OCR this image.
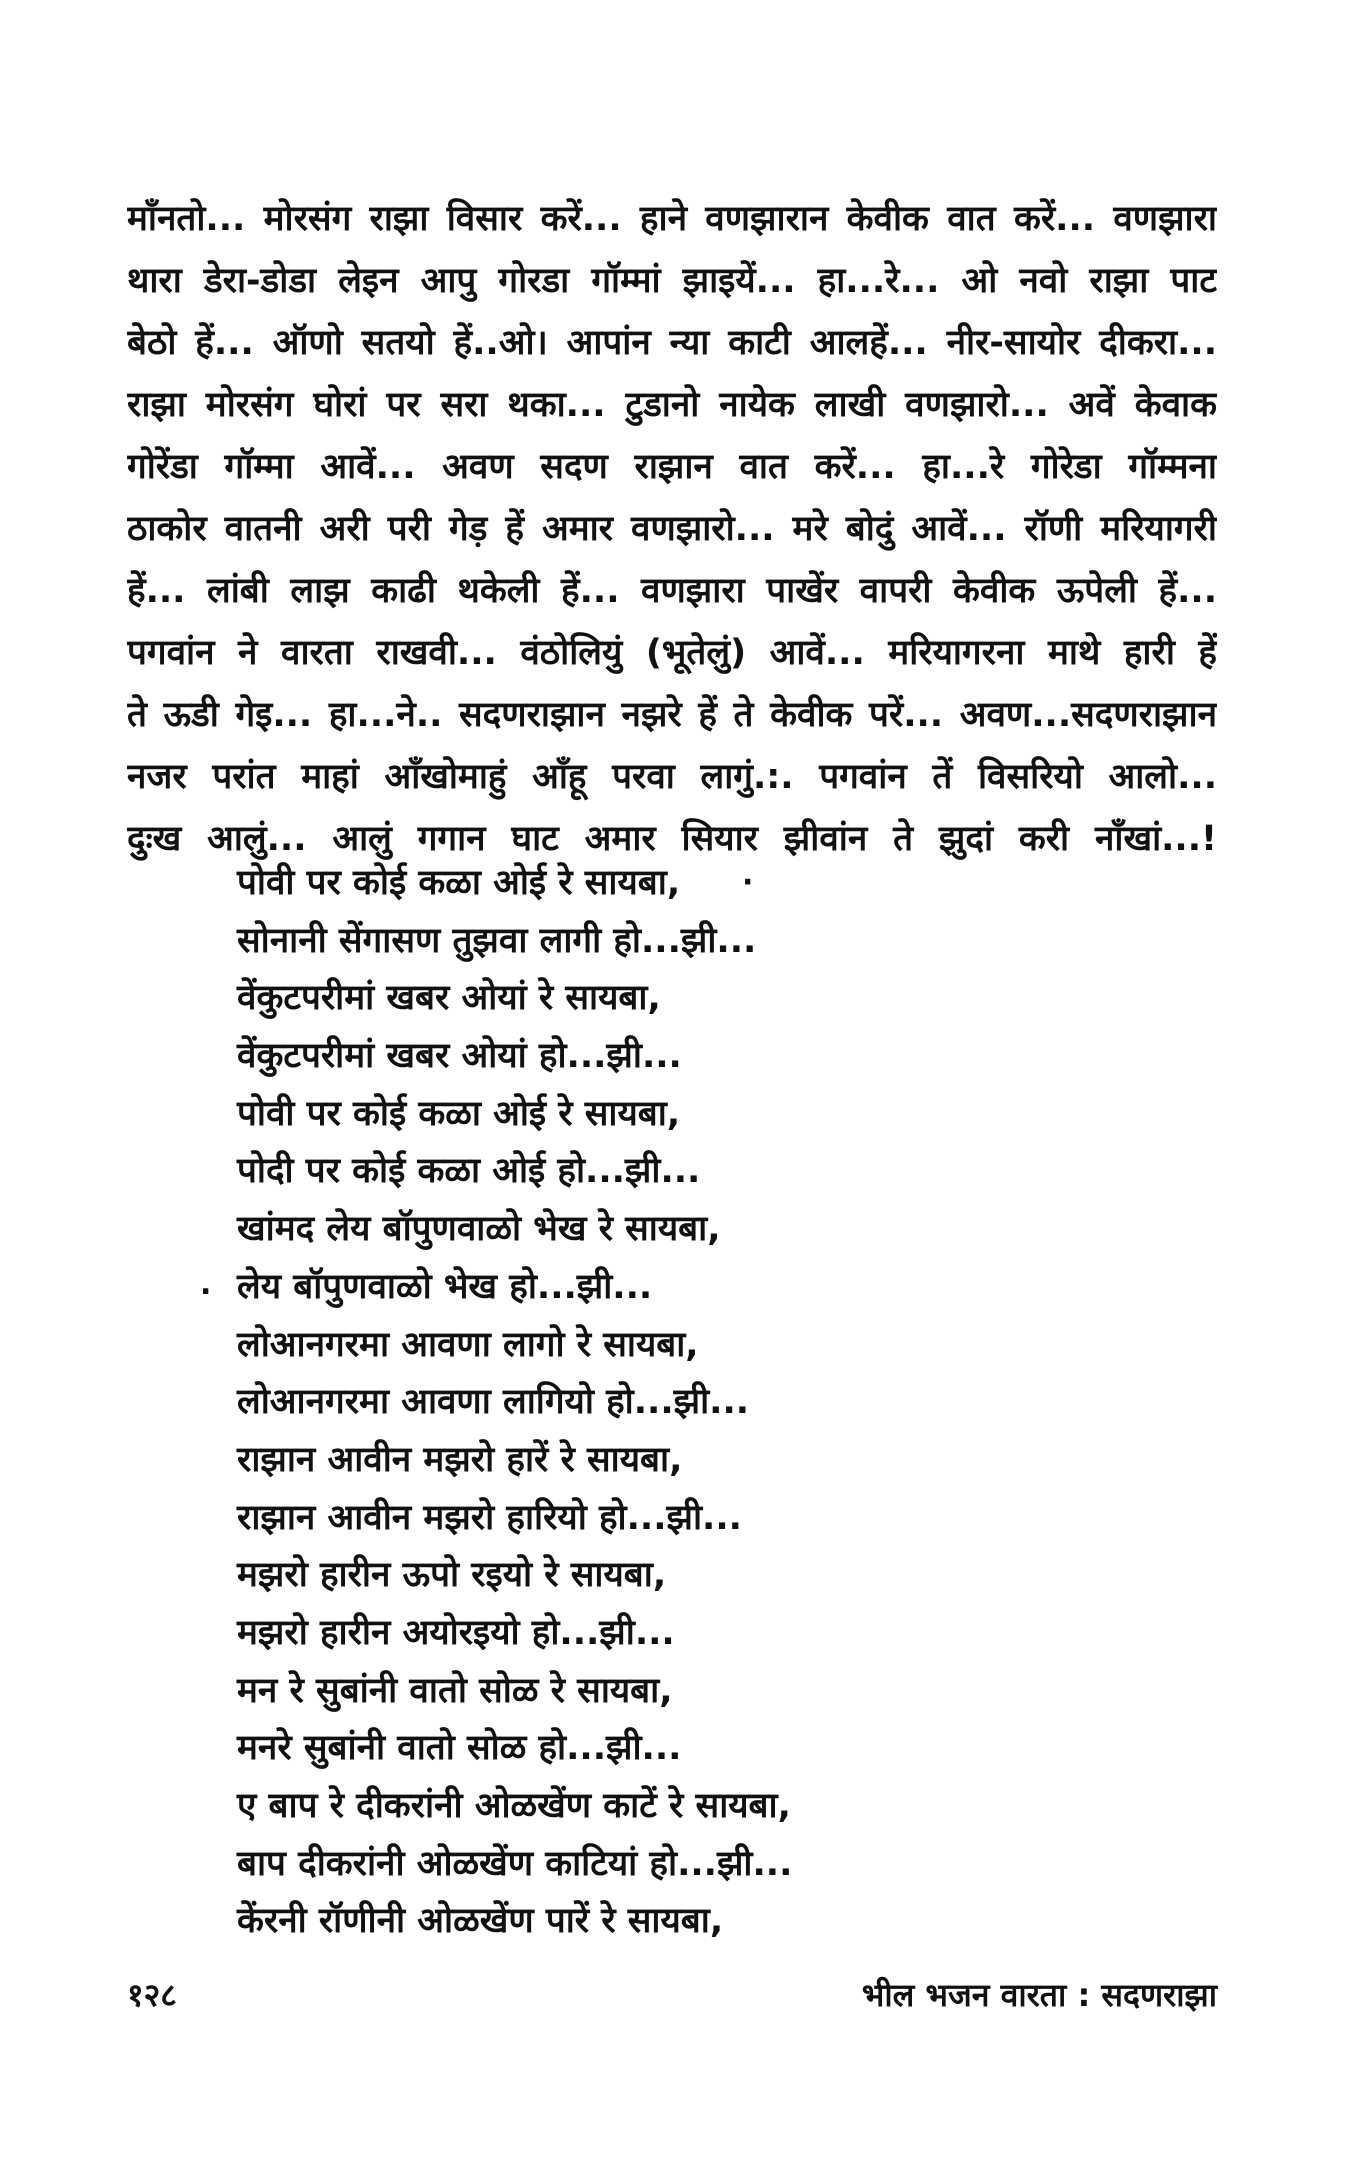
मॉंनतो... मोरसंग राझा विसार करें... हाने वणझारान केवीक वात करें... वणझारा
थारा डेरा-डोडा लेइन आपु गोरडा गॉम्मां झाइयें... हा...रे... ओ नवो राझा पाट
बेठो हें... ऑणो सतयो हें..ओ। आपांन न्या काटी आलहें... नीर-सायोर दीकरा...
राझा मोरसंग घोरां पर सरा थका... टुडानो नायेक लाखी वणझारो... अवें केवाक
गोरेंडा गॉम्मा आवें... अवण सदण राझान वात करें... हा...रे गोरेडा गॉम्मना
ठाकोर वातनी अरी परी गेड़ हें अमार वणझारो... मरे बोदुं आवें... रॉणी मरियागरी
हें... लांबी लाझ काढी थकेली हें... वणझारा पाखेंर वापरी केवीक ऊपेली हें...
पगवांन ने वारता राखवी... वंठोलियुं (भूतेलुं) आवें... मरियागरना माथे हारी हें
ते ऊडी गेइ... हा...ने.. सदणराझान नझरे हें ते केवीक परें... अवण...सदणराझान
नजर परांत माहां आँखोमाहुं आँहू परवा लागुं.:. पगवांन तें विसरियो आलो...
दुःख आलुं... आलुं गगान घाट अमार सियार झीवांन ते झुदां करी नाँखां...!
पोवी पर कोई कळा ओई रे सायबा,
सोनानी सेंगासण तुझवा लागी हो...झी...
वेंकुटपरीमां खबर ओयां रे सायबा,
वेंकुटपरीमां खबर ओयां हो...झी...
पोवी पर कोई कळा ओई रे सायबा,
पोदी पर कोई कळा ओई हो...झी...
खांमद लेय बॉपुणवाळो भेख रे सायबा,
लेय बॉपुणवाळो भेख हो...झी...
लोआनगरमा आवणा लागो रे सायबा,
लोआनगरमा आवणा लागियो हो...झी...
राझान आवीन मझरो हारें रे सायबा,
राझान आवीन मझरो हारियो हो...झी...
मझरो हारीन ऊपो रइयो रे सायबा,
मझरो हारीन अयोरइयो हो...झी...
मन रे सुबांनी वातो सोळ रे सायबा,
मनरे सुबांनी वातो सोळ हो...झी...
ए बाप रे दीकरांनी ओळखेंण काटें रे सायबा,
बाप दीकरांनी ओळखेंण काटियां हो...झी...
केंरनी रॉणीनी ओळखेंण पारें रे सायबा,
·
.
१२८	भील भजन वारता : सदणराझा
